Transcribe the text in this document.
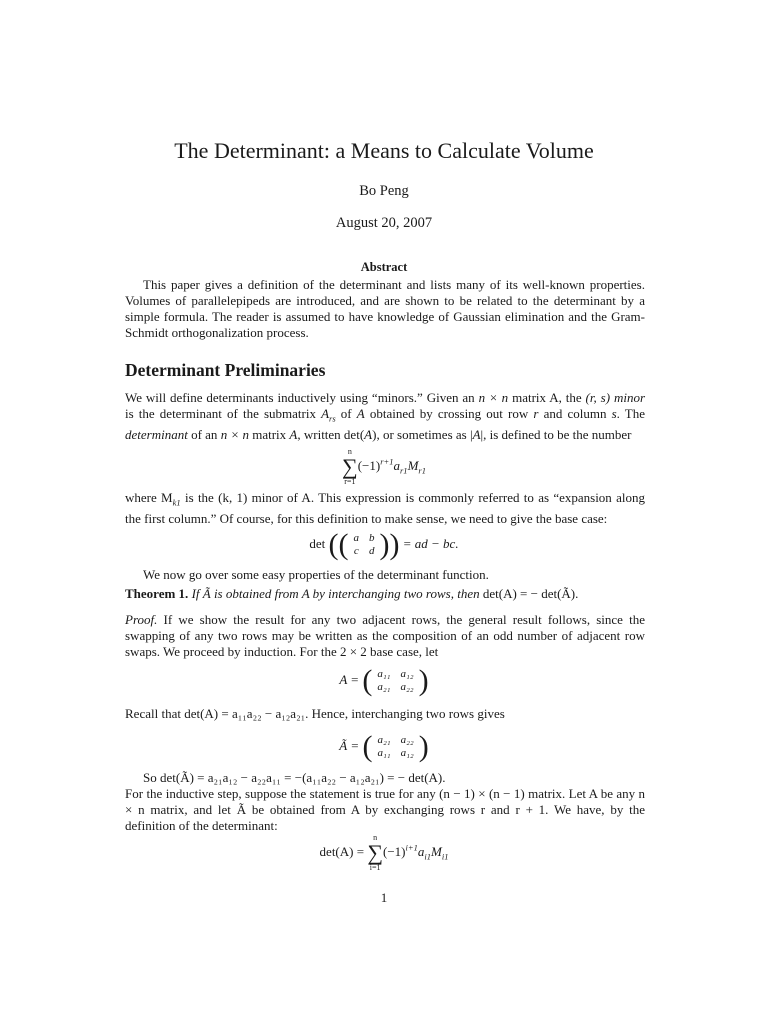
The Determinant: a Means to Calculate Volume
Bo Peng
August 20, 2007
Abstract
This paper gives a definition of the determinant and lists many of its well-known properties. Volumes of parallelepipeds are introduced, and are shown to be related to the determinant by a simple formula. The reader is assumed to have knowledge of Gaussian elimination and the Gram-Schmidt orthogonalization process.
Determinant Preliminaries
We will define determinants inductively using “minors.” Given an n × n matrix A, the (r, s) minor is the determinant of the submatrix $A_{rs}$ of A obtained by crossing out row r and column s. The determinant of an n × n matrix A, written det(A), or sometimes as |A|, is defined to be the number
n
∑
r=1
$(-1)^{r+1}a_{r1}M_{r1}$
where $M_{k1}$ is the (k, 1) minor of A. This expression is commonly referred to as “expansion along the first column.” Of course, for this definition to make sense, we need to give the base case:
det (( a	b
c	d )) = ad − bc.
We now go over some easy properties of the determinant function.
Theorem 1. If Ã is obtained from A by interchanging two rows, then det(A) = − det(Ã).
Proof. If we show the result for any two adjacent rows, the general result follows, since the swapping of any two rows may be written as the composition of an odd number of adjacent row swaps. We proceed by induction. For the 2 × 2 base case, let
A = ( a₁₁	a₁₂
a₂₁	a₂₂ )
Recall that det(A) = a₁₁a₂₂ − a₁₂a₂₁. Hence, interchanging two rows gives
Ã = ( a₂₁	a₂₂
a₁₁	a₁₂ )
So det(Ã) = a₂₁a₁₂ − a₂₂a₁₁ = −(a₁₁a₂₂ − a₁₂a₂₁) = − det(A).
For the inductive step, suppose the statement is true for any (n − 1) × (n − 1) matrix. Let A be any n × n matrix, and let Ã be obtained from A by exchanging rows r and r + 1. We have, by the definition of the determinant:
det(A) =
n
∑
i=1
$(-1)^{i+1}a_{i1}M_{i1}$
1
